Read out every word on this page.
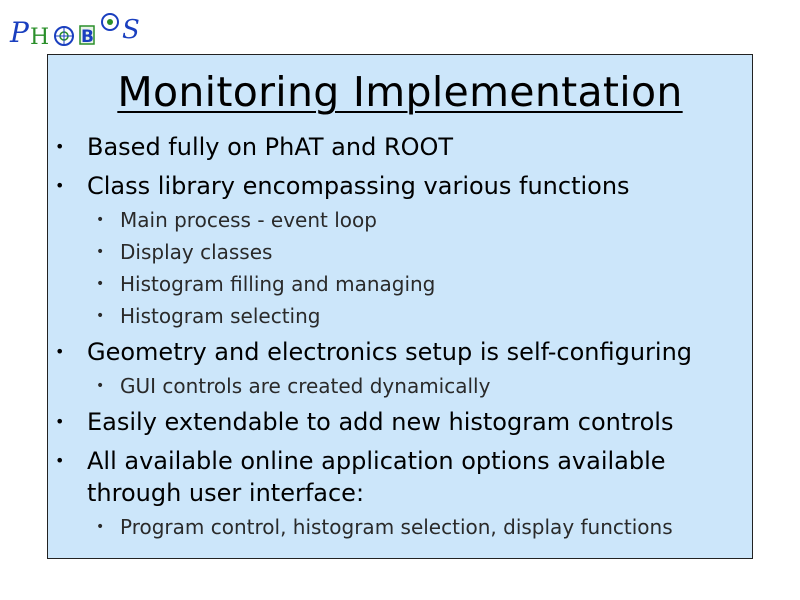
P H B S
Monitoring Implementation
• Based fully on PhAT and ROOT
• Class library encompassing various functions
• Main process - event loop
• Display classes
• Histogram filling and managing
• Histogram selecting
• Geometry and electronics setup is self-configuring
• GUI controls are created dynamically
• Easily extendable to add new histogram controls
• All available online application options available
through user interface:
• Program control, histogram selection, display functions
